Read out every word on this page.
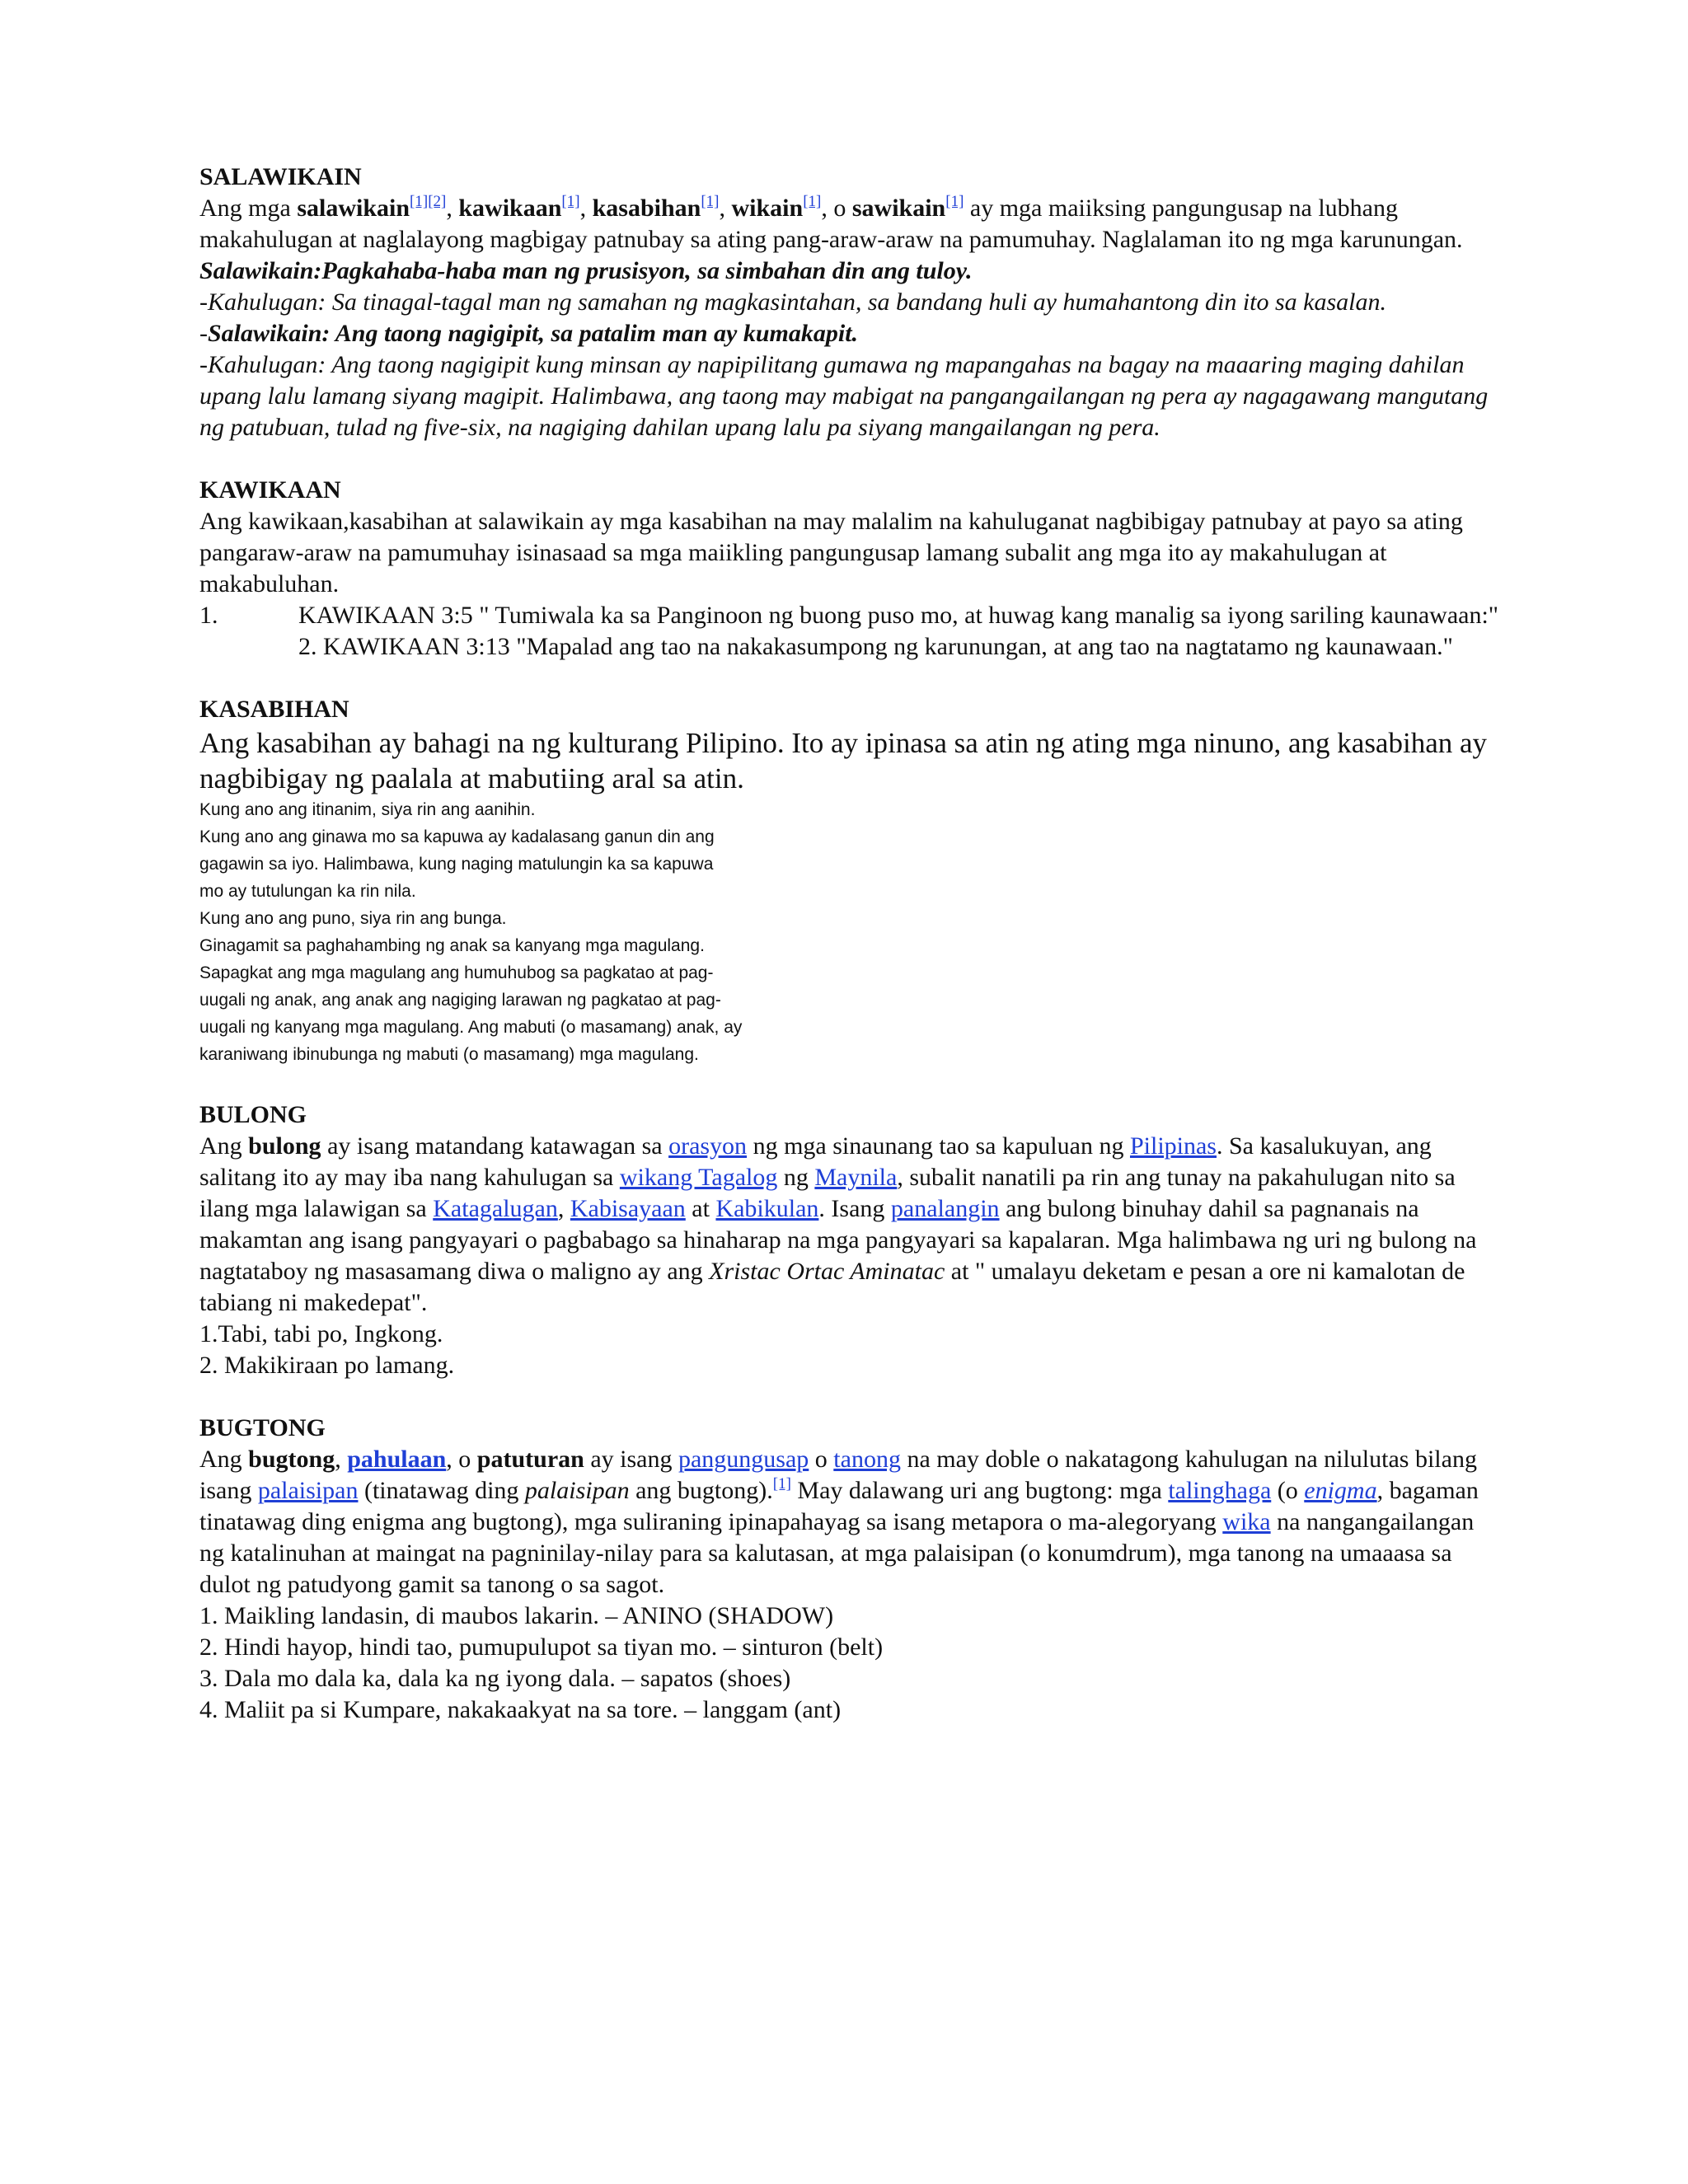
SALAWIKAIN

Ang mga salawikain[1][2], kawikaan[1], kasabihan[1], wikain[1], o sawikain[1] ay mga maiiksing pangungusap na lubhang makahulugan at naglalayong magbigay patnubay sa ating pang-araw-araw na pamumuhay. Naglalaman ito ng mga karunungan.

Salawikain:Pagkahaba-haba man ng prusisyon, sa simbahan din ang tuloy.

-Kahulugan: Sa tinagal-tagal man ng samahan ng magkasintahan, sa bandang huli ay humahantong din ito sa kasalan.

-Salawikain: Ang taong nagigipit, sa patalim man ay kumakapit.

-Kahulugan: Ang taong nagigipit kung minsan ay napipilitang gumawa ng mapangahas na bagay na maaaring maging dahilan upang lalu lamang siyang magipit. Halimbawa, ang taong may mabigat na pangangailangan ng pera ay nagagawang mangutang ng patubuan, tulad ng five-six, na nagiging dahilan upang lalu pa siyang mangailangan ng pera.

KAWIKAAN

Ang kawikaan,kasabihan at salawikain ay mga kasabihan na may malalim na kahuluganat nagbibigay patnubay at payo sa ating pangaraw-araw na pamumuhay isinasaad sa mga maiikling pangungusap lamang subalit ang mga ito ay makahulugan at makabuluhan.

1.	KAWIKAAN 3:5 " Tumiwala ka sa Panginoon ng buong puso mo, at huwag kang manalig sa iyong sariling kaunawaan:"

2. KAWIKAAN 3:13 "Mapalad ang tao na nakakasumpong ng karunungan, at ang tao na nagtatamo ng kaunawaan."

KASABIHAN

Ang kasabihan ay bahagi na ng kulturang Pilipino. Ito ay ipinasa sa atin ng ating mga ninuno, ang kasabihan ay nagbibigay ng paalala at mabutiing aral sa atin.

Kung ano ang itinanim, siya rin ang aanihin.

Kung ano ang ginawa mo sa kapuwa ay kadalasang ganun din ang

gagawin sa iyo. Halimbawa, kung naging matulungin ka sa kapuwa

mo ay tutulungan ka rin nila.

Kung ano ang puno, siya rin ang bunga.

Ginagamit sa paghahambing ng anak sa kanyang mga magulang.

Sapagkat ang mga magulang ang humuhubog sa pagkatao at pag-

uugali ng anak, ang anak ang nagiging larawan ng pagkatao at pag-

uugali ng kanyang mga magulang. Ang mabuti (o masamang) anak, ay

karaniwang ibinubunga ng mabuti (o masamang) mga magulang.

BULONG

Ang bulong ay isang matandang katawagan sa orasyon ng mga sinaunang tao sa kapuluan ng Pilipinas. Sa kasalukuyan, ang salitang ito ay may iba nang kahulugan sa wikang Tagalog ng Maynila, subalit nanatili pa rin ang tunay na pakahulugan nito sa ilang mga lalawigan sa Katagalugan, Kabisayaan at Kabikulan. Isang panalangin ang bulong binuhay dahil sa pagnanais na makamtan ang isang pangyayari o pagbabago sa hinaharap na mga pangyayari sa kapalaran. Mga halimbawa ng uri ng bulong na nagtataboy ng masasamang diwa o maligno ay ang Xristac Ortac Aminatac at " umalayu deketam e pesan a ore ni kamalotan de tabiang ni makedepat".

1.Tabi, tabi po, Ingkong.

2. Makikiraan po lamang.

BUGTONG

Ang bugtong, pahulaan, o patuturan ay isang pangungusap o tanong na may doble o nakatagong kahulugan na nilulutas bilang isang palaisipan (tinatawag ding palaisipan ang bugtong).[1] May dalawang uri ang bugtong: mga talinghaga (o enigma, bagaman tinatawag ding enigma ang bugtong), mga suliraning ipinapahayag sa isang metapora o ma-alegoryang wika na nangangailangan ng katalinuhan at maingat na pagninilay-nilay para sa kalutasan, at mga palaisipan (o konumdrum), mga tanong na umaaasa sa dulot ng patudyong gamit sa tanong o sa sagot.

1. Maikling landasin, di maubos lakarin. – ANINO (SHADOW)

2. Hindi hayop, hindi tao, pumupulupot sa tiyan mo. – sinturon (belt)

3. Dala mo dala ka, dala ka ng iyong dala. – sapatos (shoes)

4. Maliit pa si Kumpare, nakakaakyat na sa tore. – langgam (ant)
